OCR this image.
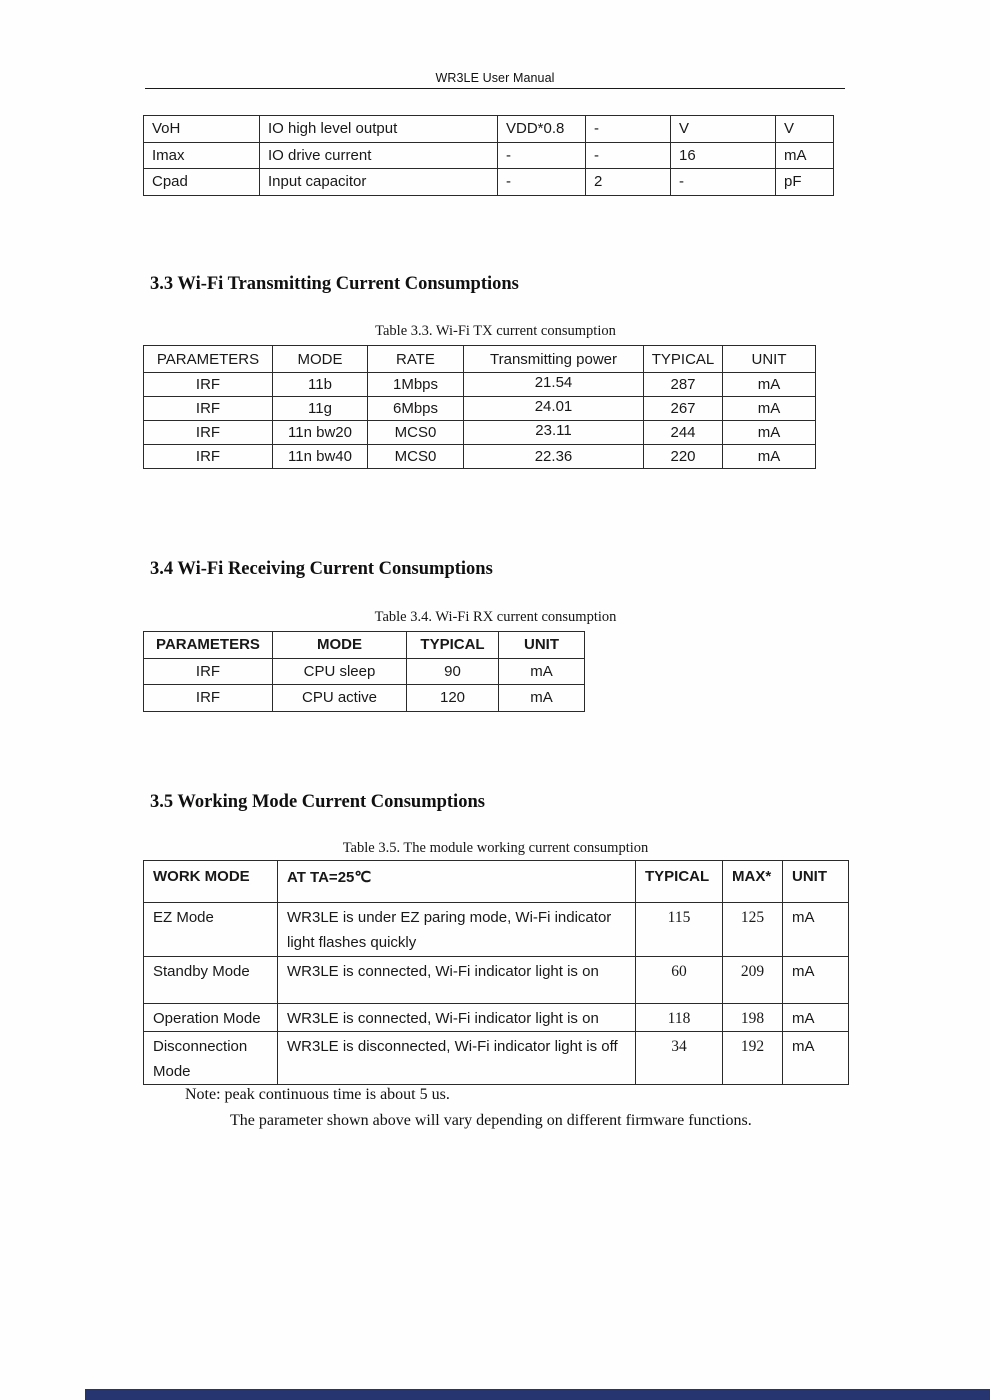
WR3LE User Manual
VoH	IO high level output	VDD*0.8	-	V	V
Imax	IO drive current	-	-	16	mA
Cpad	Input capacitor	-	2	-	pF
3.3 Wi-Fi Transmitting Current Consumptions
Table 3.3. Wi-Fi TX current consumption
PARAMETERS	MODE	RATE	Transmitting power	TYPICAL	UNIT
IRF	11b	1Mbps	21.54	287	mA
IRF	11g	6Mbps	24.01	267	mA
IRF	11n bw20	MCS0	23.11	244	mA
IRF	11n bw40	MCS0	22.36	220	mA
3.4 Wi-Fi Receiving Current Consumptions
Table 3.4. Wi-Fi RX current consumption
PARAMETERS	MODE	TYPICAL	UNIT
IRF	CPU sleep	90	mA
IRF	CPU active	120	mA
3.5 Working Mode Current Consumptions
Table 3.5. The module working current consumption
WORK MODE	AT TA=25℃	TYPICAL	MAX*	UNIT
EZ Mode	WR3LE is under EZ paring mode, Wi-Fi indicator light flashes quickly	115	125	mA
Standby Mode	WR3LE is connected, Wi-Fi indicator light is on	60	209	mA
Operation Mode	WR3LE is connected, Wi-Fi indicator light is on	118	198	mA
Disconnection Mode	WR3LE is disconnected, Wi-Fi indicator light is off	34	192	mA
Note: peak continuous time is about 5 us.
The parameter shown above will vary depending on different firmware functions.
